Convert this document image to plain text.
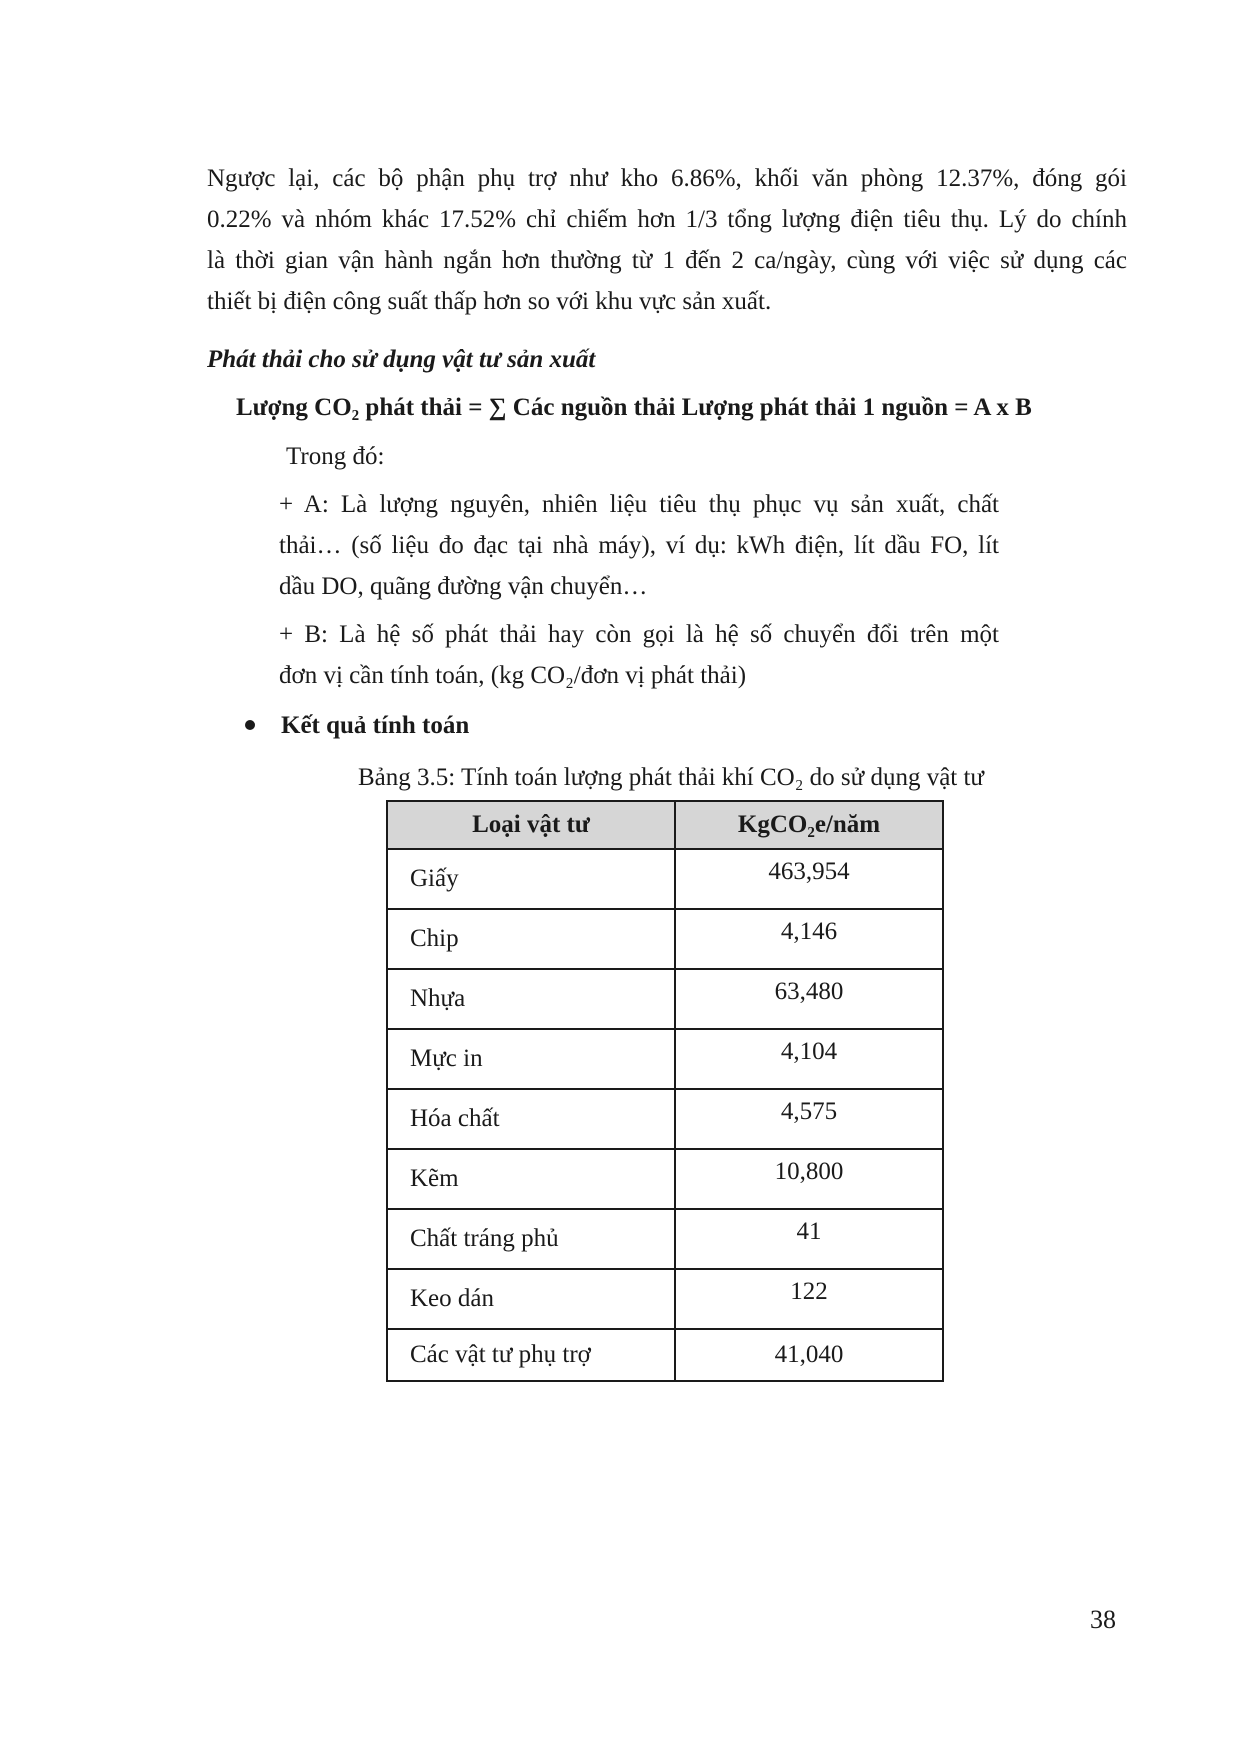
Ngược lại, các bộ phận phụ trợ như kho 6.86%, khối văn phòng 12.37%, đóng gói
0.22% và nhóm khác 17.52% chỉ chiếm hơn 1/3 tổng lượng điện tiêu thụ. Lý do chính
là thời gian vận hành ngắn hơn thường từ 1 đến 2 ca/ngày, cùng với việc sử dụng các
thiết bị điện công suất thấp hơn so với khu vực sản xuất.
Phát thải cho sử dụng vật tư sản xuất
Lượng CO₂ phát thải = ∑ Các nguồn thải Lượng phát thải 1 nguồn = A x B
Trong đó:
+ A: Là lượng nguyên, nhiên liệu tiêu thụ phục vụ sản xuất, chất
thải… (số liệu đo đạc tại nhà máy), ví dụ: kWh điện, lít dầu FO, lít
dầu DO, quãng đường vận chuyển…
+ B: Là hệ số phát thải hay còn gọi là hệ số chuyển đổi trên một
đơn vị cần tính toán, (kg CO₂/đơn vị phát thải)
Kết quả tính toán
Bảng 3.5: Tính toán lượng phát thải khí CO₂ do sử dụng vật tư
Loại vật tư	KgCO₂e/năm
Giấy	463,954
Chip	4,146
Nhựa	63,480
Mực in	4,104
Hóa chất	4,575
Kẽm	10,800
Chất tráng phủ	41
Keo dán	122
Các vật tư phụ trợ	41,040
38
